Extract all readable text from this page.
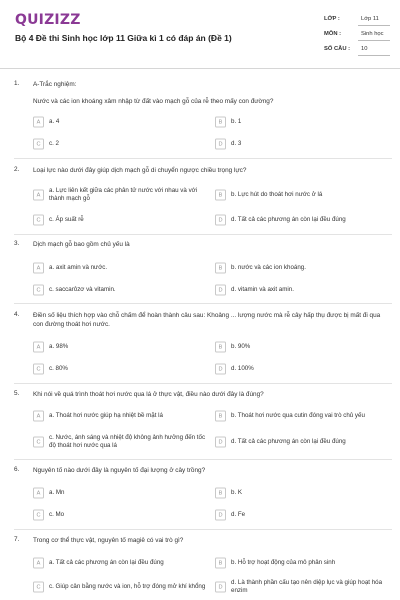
QUIZIZZ
Bộ 4 Đề thi Sinh học lớp 11 Giữa kì 1 có đáp án (Đề 1)
LỚP :	Lớp 11
MÔN :	Sinh học
SỐ CÂU : 10
1. A-Trắc nghiệm:
Nước và các ion khoáng xâm nhập từ đất vào mạch gỗ của rễ theo mấy con đường?
A	a. 4	B	b. 1
C	c. 2	D	d. 3
2. Loại lực nào dưới đây giúp dịch mạch gỗ di chuyển ngược chiều trọng lực?
A
a. Lực liên kết giữa các phân tử nước với nhau và với thành mạch gỗ	B	b. Lực hút do thoát hơi nước ở lá
C	c. Áp suất rễ	D	d. Tất cả các phương án còn lại đều đúng
3. Dịch mạch gỗ bao gồm chủ yếu là
A	a. axit amin và nước.	B	b. nước và các ion khoáng.
C	c. saccarôzơ và vitamin.	D	d. vitamin và axit amin.
4. Điền số liệu thích hợp vào chỗ chấm để hoàn thành câu sau: Khoảng ... lượng nước mà rễ cây hấp thụ được bị mất đi qua con đường thoát hơi nước.
A	a. 98%	B	b. 90%
C	c. 80%	D	d. 100%
5. Khi nói về quá trình thoát hơi nước qua lá ở thực vật, điều nào dưới đây là đúng?
A	a. Thoát hơi nước giúp hạ nhiệt bề mặt lá	B	b. Thoát hơi nước qua cutin đóng vai trò chủ yếu
C
c. Nước, ánh sáng và nhiệt độ không ảnh hưởng đến tốc độ thoát hơi nước qua lá	D	d. Tất cả các phương án còn lại đều đúng
6. Nguyên tố nào dưới đây là nguyên tố đại lượng ở cây trồng?
A	a. Mn	B	b. K
C	c. Mo	D	d. Fe
7. Trong cơ thể thực vật, nguyên tố magiê có vai trò gì?
A	a. Tất cả các phương án còn lại đều đúng	B	b. Hỗ trợ hoạt động của mô phân sinh
C	c. Giúp cân bằng nước và ion, hỗ trợ đóng mở khí khổng	D
d. Là thành phần cấu tạo nên diệp lục và giúp hoạt hóa enzim
